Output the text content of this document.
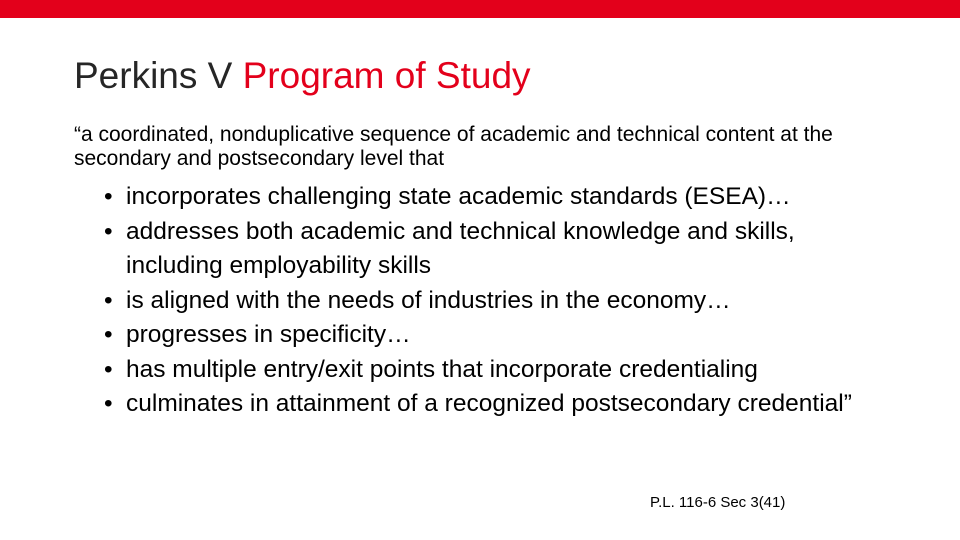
Perkins V Program of Study

“a coordinated, nonduplicative sequence of academic and technical content at the secondary and postsecondary level that

• incorporates challenging state academic standards (ESEA)…
• addresses both academic and technical knowledge and skills, including employability skills
• is aligned with the needs of industries in the economy…
• progresses in specificity…
• has multiple entry/exit points that incorporate credentialing
• culminates in attainment of a recognized postsecondary credential”
P.L. 116-6 Sec 3(41)
